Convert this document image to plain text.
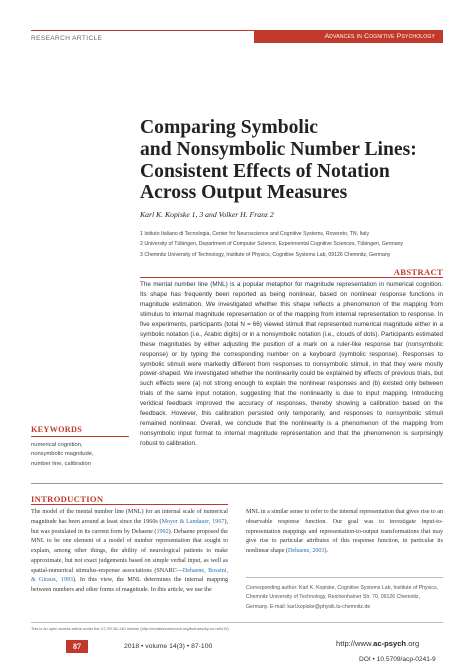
RESEARCH ARTICLE	Advances in Cognitive Psychology
Comparing Symbolic
and Nonsymbolic Number Lines:
Consistent Effects of Notation
Across Output Measures
Karl K. Kopiske 1, 3 and Volker H. Franz 2
1 Istituto Italiano di Tecnologia, Center for Neuroscience and Cognitive Systems, Rovereto, TN, Italy
2 University of Tübingen, Department of Computer Science, Experimental Cognitive Sciences, Tübingen, Germany
3 Chemnitz University of Technology, Institute of Physics, Cognitive Systems Lab, 09126 Chemnitz, Germany
ABSTRACT

The mental number line (MNL) is a popular metaphor for magnitude representation in numerical cognition. Its shape has frequently been reported as being nonlinear, based on nonlinear response functions in magnitude estimation. We investigated whether this shape reflects a phenomenon of the mapping from stimulus to internal magnitude representation or of the mapping from internal representation to response. In five experiments, participants (total N = 66) viewed stimuli that represented numerical magnitude either in a symbolic notation (i.e., Arabic digits) or in a nonsymbolic notation (i.e., clouds of dots). Participants estimated these magnitudes by either adjusting the position of a mark on a ruler-like response bar (nonsymbolic response) or by typing the corresponding number on a keyboard (symbolic response). Responses to symbolic stimuli were markedly different from responses to nonsymbolic stimuli, in that they were mostly power-shaped. We investigated whether the nonlinearity could be explained by effects of previous trials, but such effects were (a) not strong enough to explain the nonlinear responses and (b) existed only between trials of the same input notation, suggesting that the nonlinearity is due to input mapping. Introducing veridical feedback improved the accuracy of responses, thereby showing a calibration based on the feedback. However, this calibration persisted only temporarily, and responses to nonsymbolic stimuli remained nonlinear. Overall, we conclude that the nonlinearity is a phenomenon of the mapping from nonsymbolic input format to internal magnitude representation and that the phenomenon is surprisingly robust to calibration.

KEYWORDS
numerical cognition,
nonsymbolic magnitude,
number line, calibration
INTRODUCTION

The model of the mental number line (MNL) for an internal scale of numerical magnitude has been around at least since the 1960s (Moyer & Landauer, 1967), but was postulated in its current form by Dehaene (1992). Dehaene proposed the MNL to be one element of a model of number representation that sought to explain, among other things, the ability of neurological patients to make approximate, but not exact judgements based on simple verbal input, as well as spatial-numerical stimulus-response associations (SNARC—Dehaene, Bossini, & Giraux, 1993). In this view, the MNL determines the internal mapping between numbers and other forms of magnitude. In this article, we use the

MNL in a similar sense to refer to the internal representation that gives rise to an observable response function. Our goal was to investigate input-to-representation mappings and representation-to-output transformations that may give rise to particular attributes of this response function, in particular its nonlinear shape (Dehaene, 2003).

Corresponding author: Karl K. Kopiske, Cognitive Systems Lab, Institute of Physics,
Chemnitz University of Technology, Reichenhainer Str. 70, 09126 Chemnitz,
Germany. E-mail: karl.kopiske@physik.tu-chemnitz.de
This is an open access article under the CC BY-NC-ND license (http://creativecommons.org/licenses/by-nc-nd/4.0/).
87	2018 • volume 14(3) • 87-100	http://www.ac-psych.org
DOI • 10.5709/acp-0241-9
